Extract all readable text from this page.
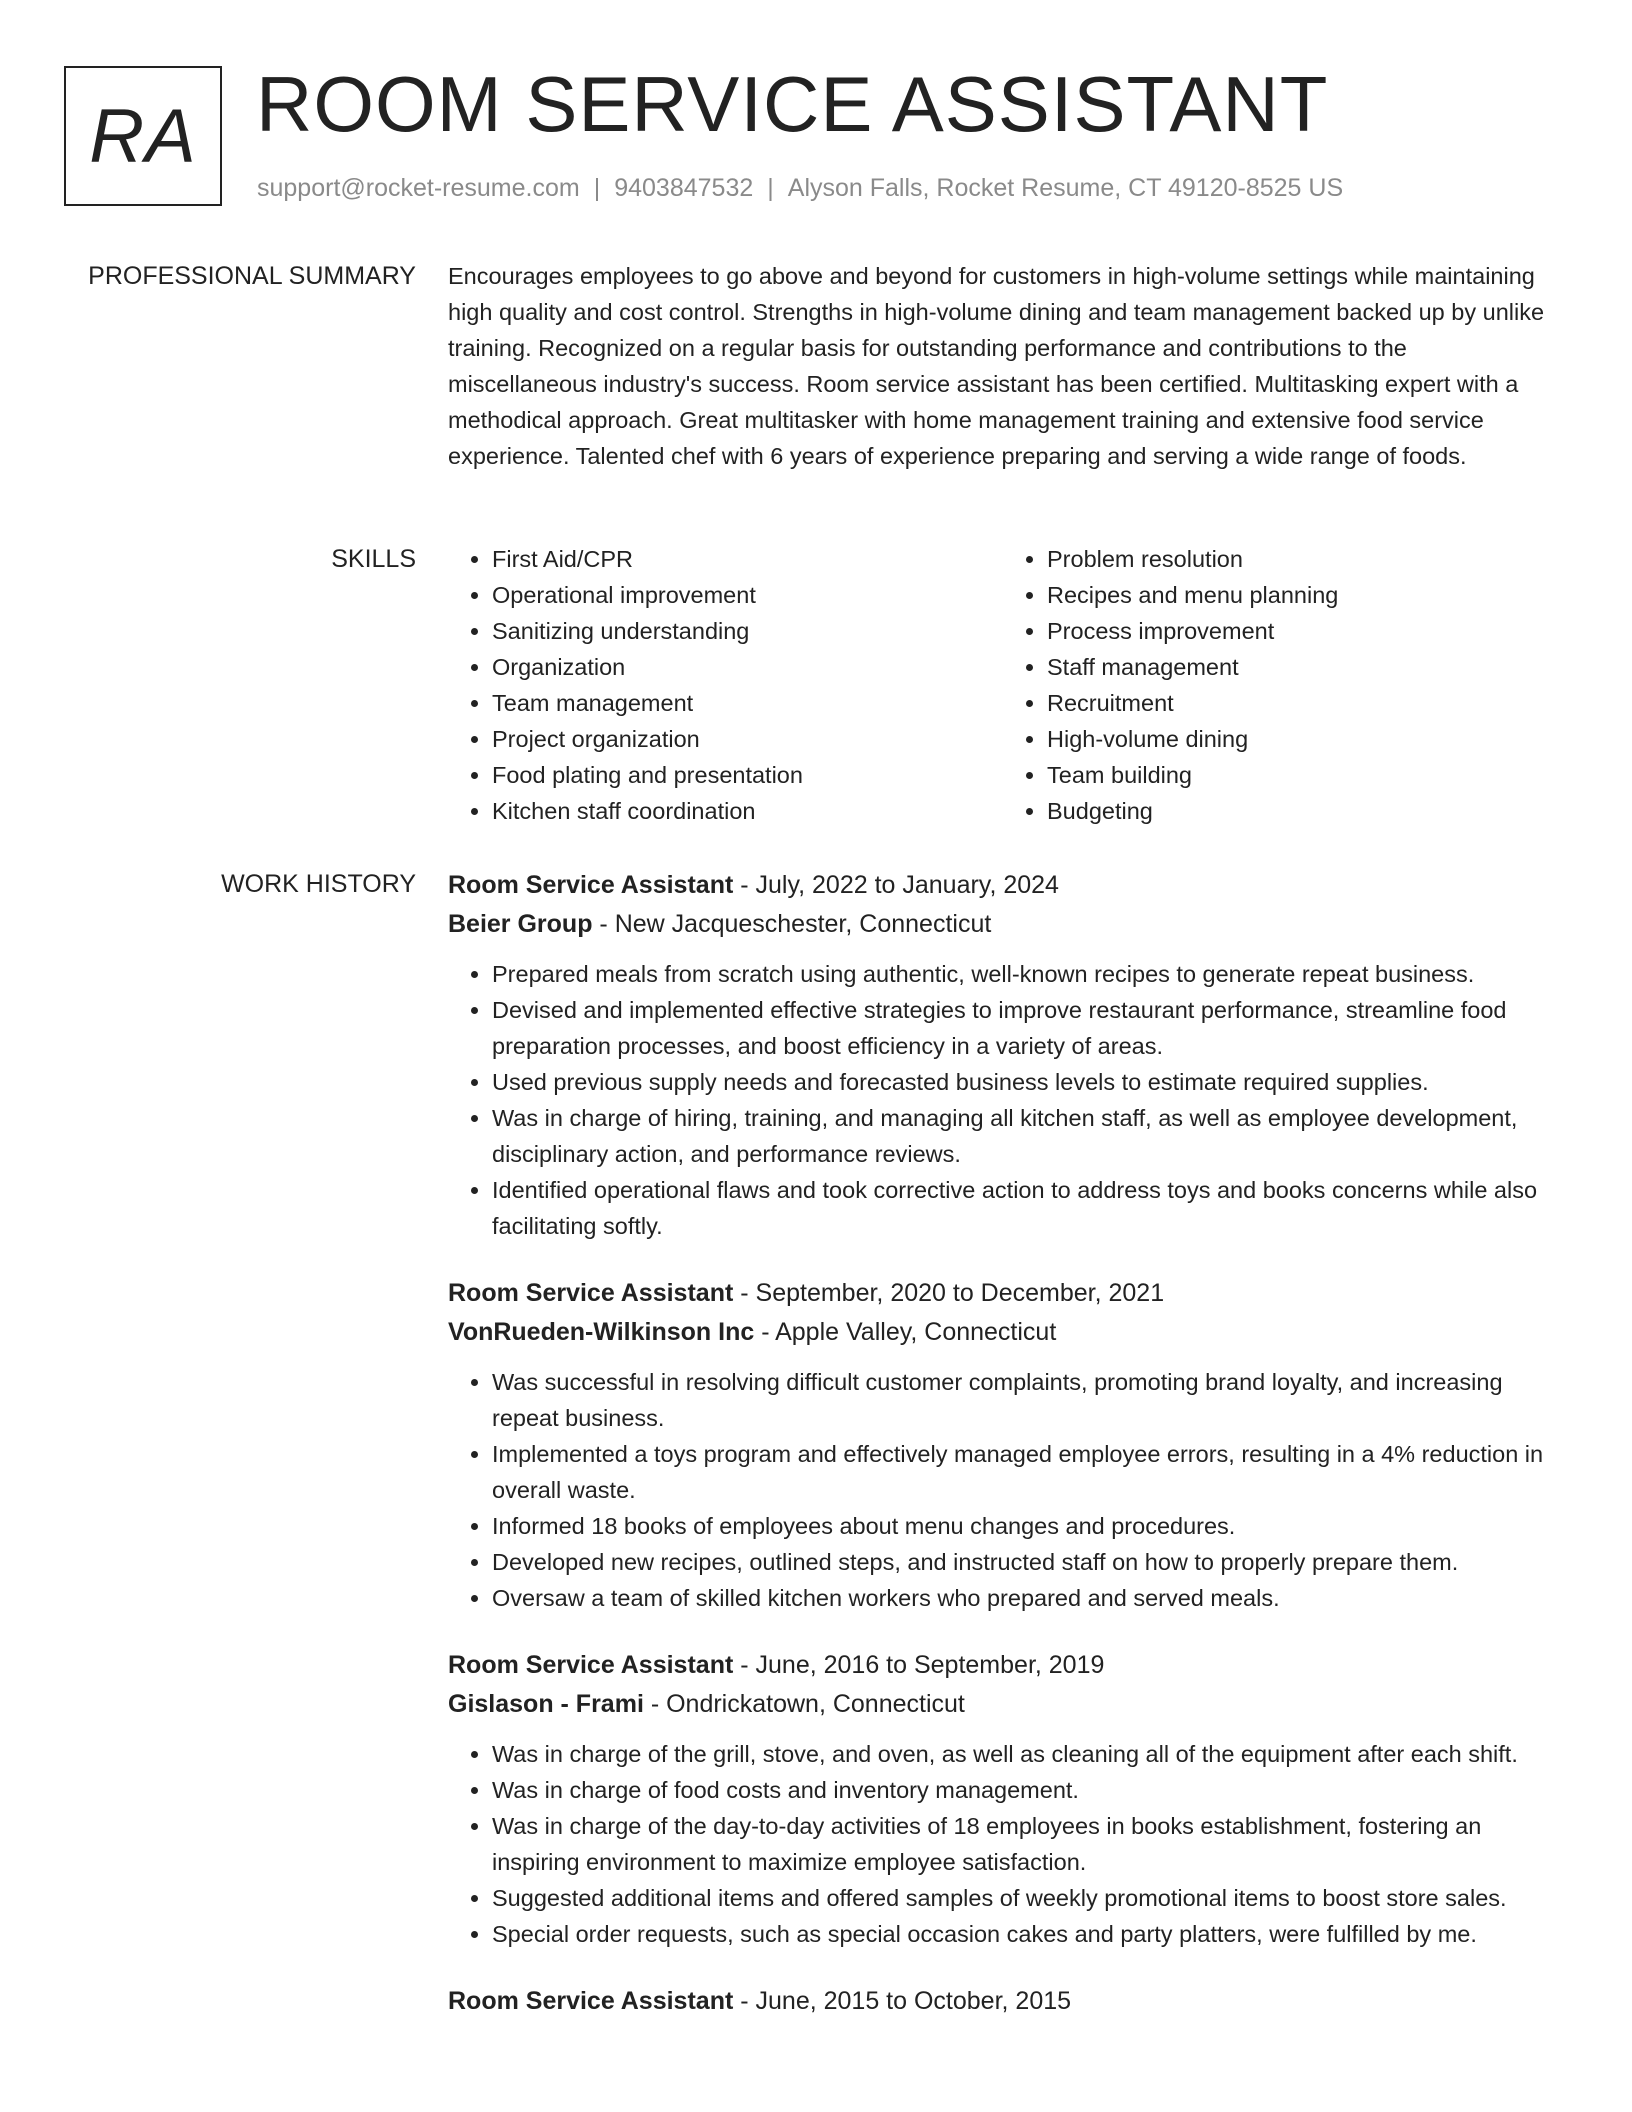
RA ROOM SERVICE ASSISTANT
support@rocket-resume.com | 9403847532 | Alyson Falls, Rocket Resume, CT 49120-8525 US
PROFESSIONAL SUMMARY Encourages employees to go above and beyond for customers in high-volume settings while maintaining high quality and cost control. Strengths in high-volume dining and team management backed up by unlike training. Recognized on a regular basis for outstanding performance and contributions to the miscellaneous industry's success. Room service assistant has been certified. Multitasking expert with a methodical approach. Great multitasker with home management training and extensive food service experience. Talented chef with 6 years of experience preparing and serving a wide range of foods.
SKILLS
•	First Aid/CPR
• Operational improvement
• Sanitizing understanding
• Organization
• Team management
• Project organization
• Food plating and presentation
• Kitchen staff coordination
• Problem resolution
• Recipes and menu planning
• Process improvement
• Staff management
• Recruitment
• High-volume dining
• Team building
• Budgeting
WORK HISTORY Room Service Assistant - July, 2022 to January, 2024
Beier Group - New Jacqueschester, Connecticut
• Prepared meals from scratch using authentic, well-known recipes to generate repeat business.
• Devised and implemented effective strategies to improve restaurant performance, streamline food preparation processes, and boost efficiency in a variety of areas.
• Used previous supply needs and forecasted business levels to estimate required supplies.
• Was in charge of hiring, training, and managing all kitchen staff, as well as employee development, disciplinary action, and performance reviews.
• Identified operational flaws and took corrective action to address toys and books concerns while also facilitating softly.
Room Service Assistant - September, 2020 to December, 2021
VonRueden-Wilkinson Inc - Apple Valley, Connecticut
• Was successful in resolving difficult customer complaints, promoting brand loyalty, and increasing repeat business.
• Implemented a toys program and effectively managed employee errors, resulting in a 4% reduction in overall waste.
• Informed 18 books of employees about menu changes and procedures.
• Developed new recipes, outlined steps, and instructed staff on how to properly prepare them.
• Oversaw a team of skilled kitchen workers who prepared and served meals.
Room Service Assistant - June, 2016 to September, 2019
Gislason - Frami - Ondrickatown, Connecticut
• Was in charge of the grill, stove, and oven, as well as cleaning all of the equipment after each shift.
• Was in charge of food costs and inventory management.
• Was in charge of the day-to-day activities of 18 employees in books establishment, fostering an inspiring environment to maximize employee satisfaction.
• Suggested additional items and offered samples of weekly promotional items to boost store sales.
• Special order requests, such as special occasion cakes and party platters, were fulfilled by me.
Room Service Assistant - June, 2015 to October, 2015
